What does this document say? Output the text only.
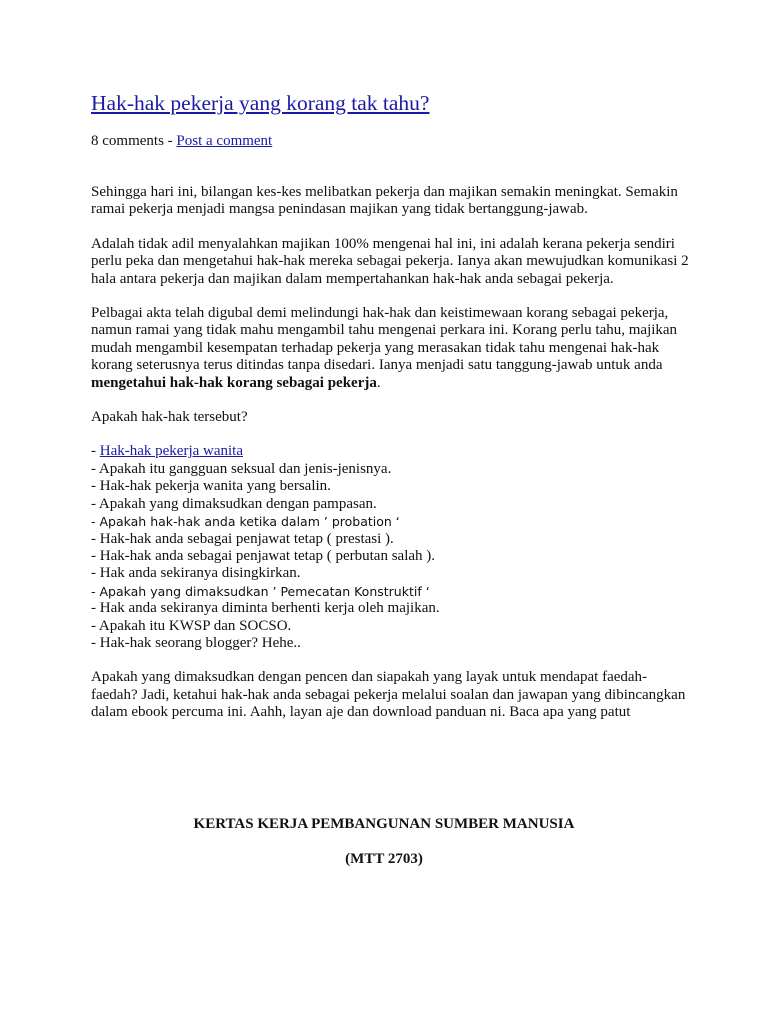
Hak-hak pekerja yang korang tak tahu?
8 comments - Post a comment

Sehingga hari ini, bilangan kes-kes melibatkan pekerja dan majikan semakin meningkat. Semakin ramai pekerja menjadi mangsa penindasan majikan yang tidak bertanggung-jawab.

Adalah tidak adil menyalahkan majikan 100% mengenai hal ini, ini adalah kerana pekerja sendiri perlu peka dan mengetahui hak-hak mereka sebagai pekerja. Ianya akan mewujudkan komunikasi 2 hala antara pekerja dan majikan dalam mempertahankan hak-hak anda sebagai pekerja.

Pelbagai akta telah digubal demi melindungi hak-hak dan keistimewaan korang sebagai pekerja, namun ramai yang tidak mahu mengambil tahu mengenai perkara ini. Korang perlu tahu, majikan mudah mengambil kesempatan terhadap pekerja yang merasakan tidak tahu mengenai hak-hak korang seterusnya terus ditindas tanpa disedari. Ianya menjadi satu tanggung-jawab untuk anda mengetahui hak-hak korang sebagai pekerja.

Apakah hak-hak tersebut?

- Hak-hak pekerja wanita
- Apakah itu gangguan seksual dan jenis-jenisnya.
- Hak-hak pekerja wanita yang bersalin.
- Apakah yang dimaksudkan dengan pampasan.
- Apakah hak-hak anda ketika dalam ’ probation ‘
- Hak-hak anda sebagai penjawat tetap ( prestasi ).
- Hak-hak anda sebagai penjawat tetap ( perbutan salah ).
- Hak anda sekiranya disingkirkan.
- Apakah yang dimaksudkan ’ Pemecatan Konstruktif ‘
- Hak anda sekiranya diminta berhenti kerja oleh majikan.
- Apakah itu KWSP dan SOCSO.
- Hak-hak seorang blogger? Hehe..

Apakah yang dimaksudkan dengan pencen dan siapakah yang layak untuk mendapat faedah-faedah? Jadi, ketahui hak-hak anda sebagai pekerja melalui soalan dan jawapan yang dibincangkan dalam ebook percuma ini. Aahh, layan aje dan download panduan ni. Baca apa yang patut

KERTAS KERJA PEMBANGUNAN SUMBER MANUSIA
(MTT 2703)
